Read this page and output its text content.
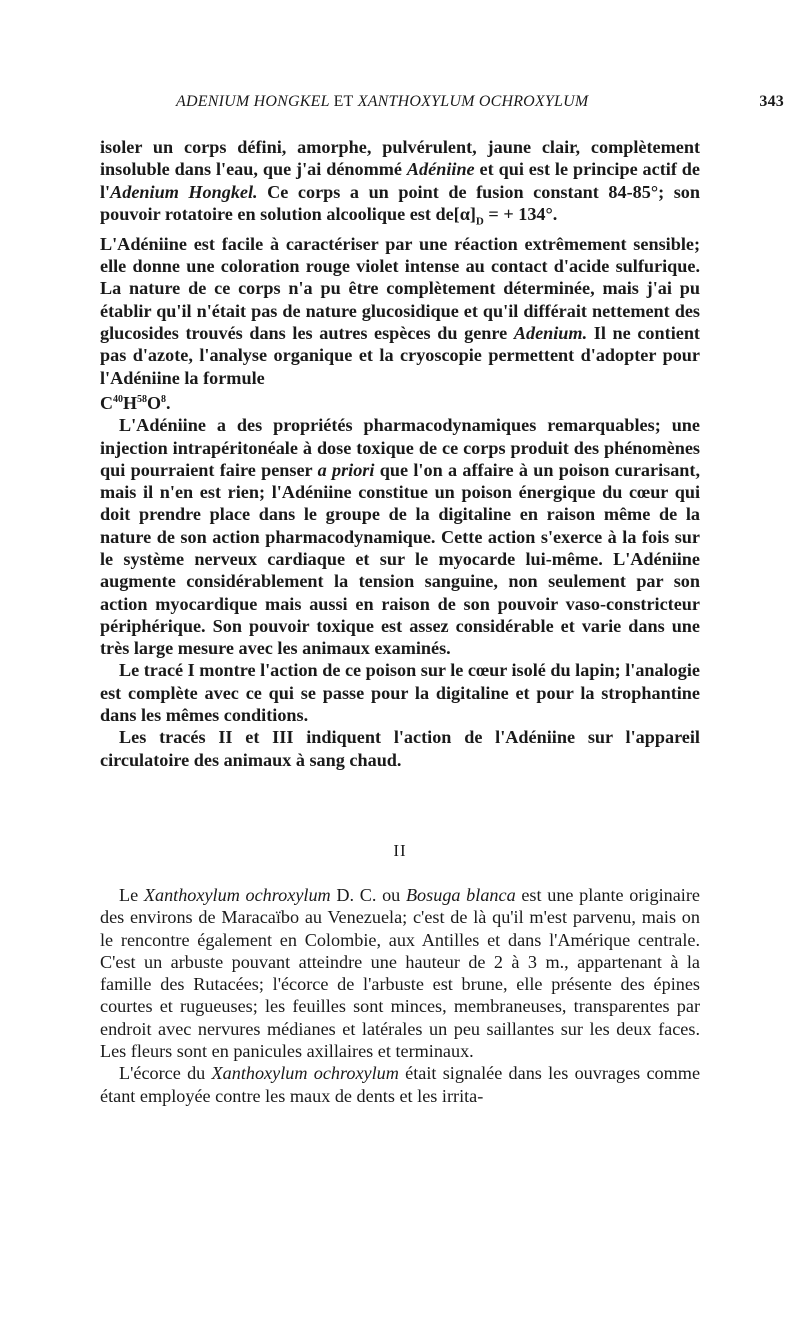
ADENIUM HONGKEL ET XANTHOXYLUM OCHROXYLUM	343

isoler un corps défini, amorphe, pulvérulent, jaune clair, complètement insoluble dans l'eau, que j'ai dénommé Adéniine et qui est le principe actif de l'Adenium Hongkel. Ce corps a un point de fusion constant 84-85°; son pouvoir rotatoire en solution alcoolique est $de[\alpha]_D$ = + 134°.

L'Adéniine est facile à caractériser par une réaction extrêmement sensible; elle donne une coloration rouge violet intense au contact d'acide sulfurique. La nature de ce corps n'a pu être complètement déterminée, mais j'ai pu établir qu'il n'était pas de nature glucosidique et qu'il différait nettement des glucosides trouvés dans les autres espèces du genre Adenium. Il ne contient pas d'azote, l'analyse organique et la cryoscopie permettent d'adopter pour l'Adéniine la formule

$C^{40}H^{58}O^8$.

L'Adéniine a des propriétés pharmacodynamiques remarquables; une injection intrapéritonéale à dose toxique de ce corps produit des phénomènes qui pourraient faire penser a priori que l'on a affaire à un poison curarisant, mais il n'en est rien; l'Adéniine constitue un poison énergique du cœur qui doit prendre place dans le groupe de la digitaline en raison même de la nature de son action pharmacodynamique. Cette action s'exerce à la fois sur le système nerveux cardiaque et sur le myocarde lui-même. L'Adéniine augmente considérablement la tension sanguine, non seulement par son action myocardique mais aussi en raison de son pouvoir vaso-constricteur périphérique. Son pouvoir toxique est assez considérable et varie dans une très large mesure avec les animaux examinés.

Le tracé I montre l'action de ce poison sur le cœur isolé du lapin; l'analogie est complète avec ce qui se passe pour la digitaline et pour la strophantine dans les mêmes conditions.

Les tracés II et III indiquent l'action de l'Adéniine sur l'appareil circulatoire des animaux à sang chaud.

II

Le Xanthoxylum ochroxylum D. C. ou Bosuga blanca est une plante originaire des environs de Maracaïbo au Venezuela; c'est de là qu'il m'est parvenu, mais on le rencontre également en Colombie, aux Antilles et dans l'Amérique centrale. C'est un arbuste pouvant atteindre une hauteur de 2 à 3 m., appartenant à la famille des Rutacées; l'écorce de l'arbuste est brune, elle présente des épines courtes et rugueuses; les feuilles sont minces, membraneuses, transparentes par endroit avec nervures médianes et latérales un peu saillantes sur les deux faces. Les fleurs sont en panicules axillaires et terminaux.

L'écorce du Xanthoxylum ochroxylum était signalée dans les ouvrages comme étant employée contre les maux de dents et les irrita-
